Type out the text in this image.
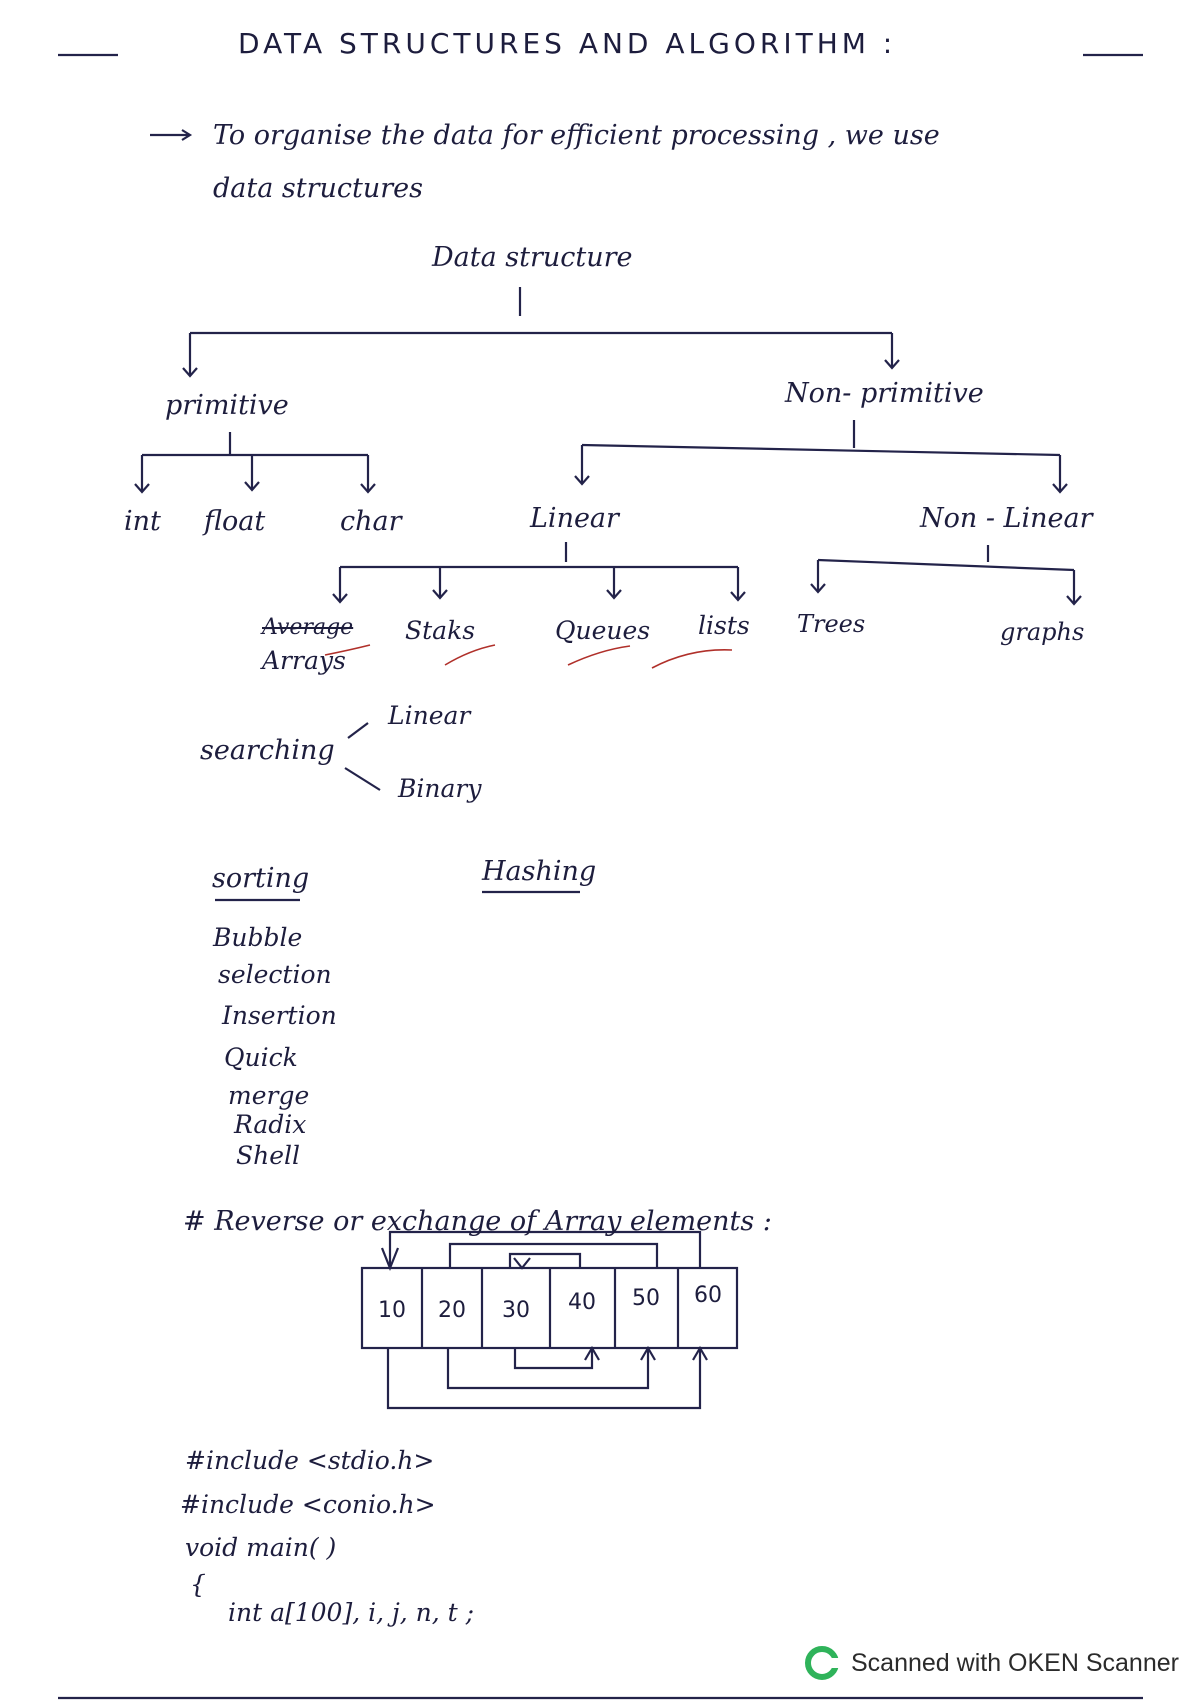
DATA STRUCTURES AND ALGORITHM :
To organise the data for efficient processing , we use
data structures
Data structure
primitive	Non- primitive
int float	char	Linear	Non - Linear
Average
Arrays
Staks	Queues lists Trees	graphs
searching
Linear
Binary
sorting	Hashing
Bubble
selection
Insertion
Quick
merge
Radix
Shell
# Reverse or exchange of Array elements :
10	20	30	40	50	60
#include <stdio.h>
#include <conio.h>
void main( )
{
int a[100], i, j, n, t ;
Scanned with OKEN Scanner
